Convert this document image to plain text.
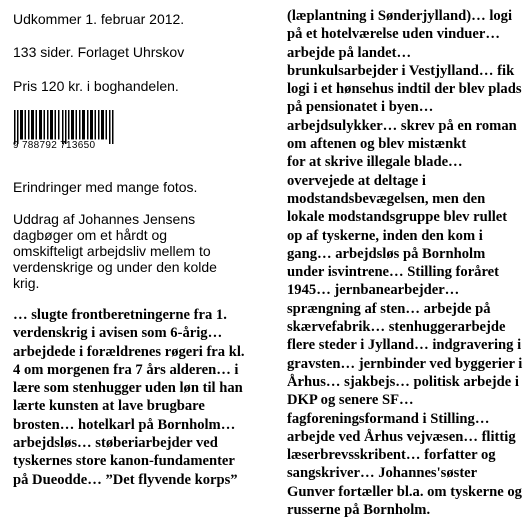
Udkommer 1. februar 2012.
133 sider. Forlaget Uhrskov
Pris 120 kr. i boghandelen.
9 788792 713650
Erindringer med mange fotos.
Uddrag af Johannes Jensens
dagbøger om et hårdt og
omskifteligt arbejdsliv mellem to
verdenskrige og under den kolde
krig.
… slugte frontberetningerne fra 1.
verdenskrig i avisen som 6-årig…
arbejdede i forældrenes røgeri fra kl.
4 om morgenen fra 7 års alderen… i
lære som stenhugger uden løn til han
lærte kunsten at lave brugbare
brosten… hotelkarl på Bornholm…
arbejdsløs… støberiarbejder ved
tyskernes store kanon-fundamenter
på Dueodde… ”Det flyvende korps”
(læplantning i Sønderjylland)… logi
på et hotelværelse uden vinduer…
arbejde på landet…
brunkulsarbejder i Vestjylland… fik
logi i et hønsehus indtil der blev plads
på pensionatet i byen…
arbejdsulykker… skrev på en roman
om aftenen og blev mistænkt
for at skrive illegale blade…
overvejede at deltage i
modstandsbevægelsen, men den
lokale modstandsgruppe blev rullet
op af tyskerne, inden den kom i
gang… arbejdsløs på Bornholm
under isvintrene… Stilling foråret
1945… jernbanearbejder…
sprængning af sten… arbejde på
skærvefabrik… stenhuggerarbejde
flere steder i Jylland… indgravering i
gravsten… jernbinder ved byggerier i
Århus… sjakbejs… politisk arbejde i
DKP og senere SF…
fagforeningsformand i Stilling…
arbejde ved Århus vejvæsen… flittig
læserbrevsskribent… forfatter og
sangskriver… Johannes'søster
Gunver fortæller bl.a. om tyskerne og
russerne på Bornholm.
